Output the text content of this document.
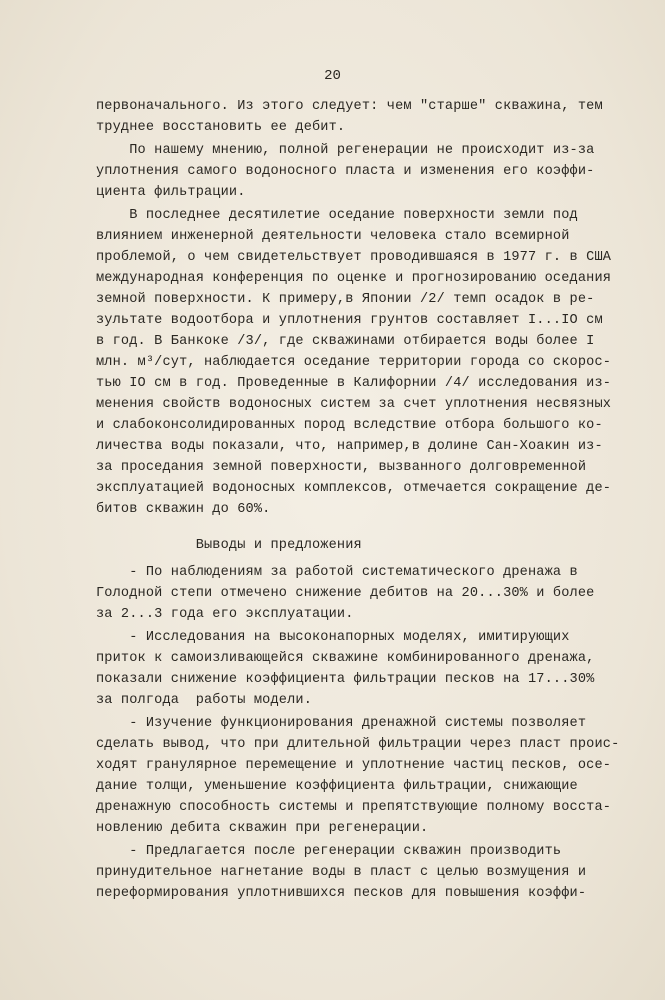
20
первоначального. Из этого следует: чем "старше" скважина, тем
труднее восстановить ее дебит.
По нашему мнению, полной регенерации не происходит из-за
уплотнения самого водоносного пласта и изменения его коэффи-
циента фильтрации.
В последнее десятилетие оседание поверхности земли под
влиянием инженерной деятельности человека стало всемирной
проблемой, о чем свидетельствует проводившаяся в 1977 г. в США
международная конференция по оценке и прогнозированию оседания
земной поверхности. К примеру,в Японии /2/ темп осадок в ре-
зультате водоотбора и уплотнения грунтов составляет I...IО см
в год. В Банкоке /3/, где скважинами отбирается воды более I
млн. м³/сут, наблюдается оседание территории города со скорос-
тью IО см в год. Проведенные в Калифорнии /4/ исследования из-
менения свойств водоносных систем за счет уплотнения несвязных
и слабоконсолидированных пород вследствие отбора большого ко-
личества воды показали, что, например,в долине Сан-Хоакин из-
за проседания земной поверхности, вызванного долговременной
эксплуатацией водоносных комплексов, отмечается сокращение де-
битов скважин до 60%.
Выводы и предложения
- По наблюдениям за работой систематического дренажа в
Голодной степи отмечено снижение дебитов на 20...30% и более
за 2...3 года его эксплуатации.
- Исследования на высоконапорных моделях, имитирующих
приток к самоизливающейся скважине комбинированного дренажа,
показали снижение коэффициента фильтрации песков на 17...30%
за полгода  работы модели.
- Изучение функционирования дренажной системы позволяет
сделать вывод, что при длительной фильтрации через пласт проис-
ходят гранулярное перемещение и уплотнение частиц песков, осе-
дание толщи, уменьшение коэффициента фильтрации, снижающие
дренажную способность системы и препятствующие полному восста-
новлению дебита скважин при регенерации.
- Предлагается после регенерации скважин производить
принудительное нагнетание воды в пласт с целью возмущения и
переформирования уплотнившихся песков для повышения коэффи-
